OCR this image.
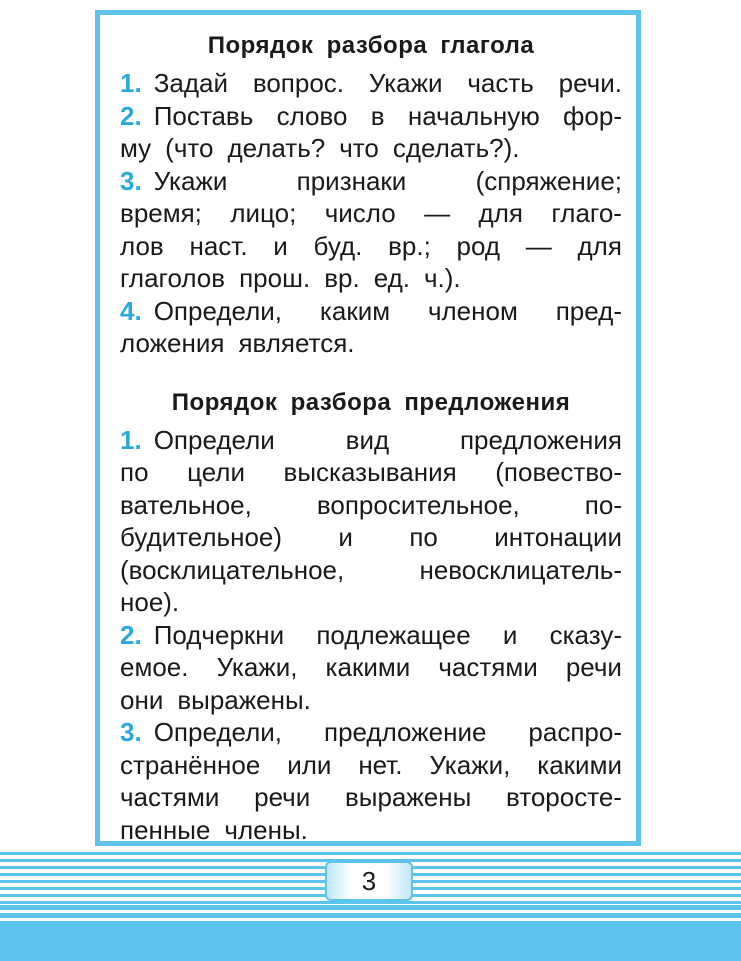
Порядок разбора глагола
1. Задай вопрос. Укажи часть речи.
2. Поставь слово в начальную фор-
му (что делать? что сделать?).
3. Укажи	признаки	(спряжение;
время; лицо; число — для глаго-
лов наст. и буд. вр.; род — для
глаголов прош. вр. ед. ч.).
4. Определи, каким членом пред-
ложения является.
Порядок разбора предложения
1. Определи	вид	предложения
по цели высказывания (повество-
вательное,	вопросительное,	по-
будительное) и по интонации
(восклицательное,	невосклицатель-
ное).
2. Подчеркни подлежащее и сказу-
емое. Укажи, какими частями речи
они выражены.
3. Определи, предложение распро-
странённое или нет. Укажи, какими
частями речи выражены второсте-
пенные члены.
3
